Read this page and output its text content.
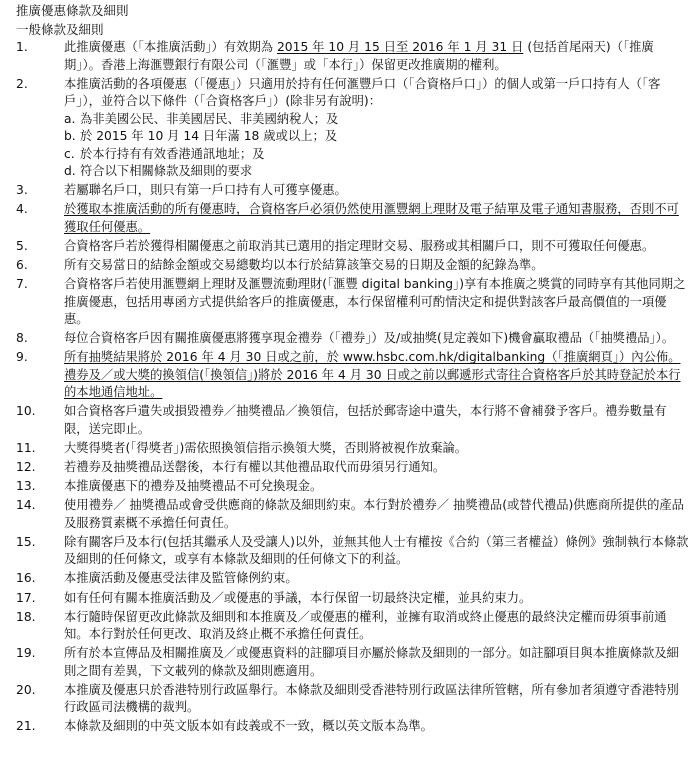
推廣優惠條款及細則
一般條款及細則
1.	此推廣優惠（「本推廣活動」）有效期為 2015 年 10 月 15 日至 2016 年 1 月 31 日 (包括首尾兩天)（「推廣期」）。香港上海滙豐銀行有限公司（「滙豐」或「本行」）保留更改推廣期的權利。
2.	本推廣活動的各項優惠（「優惠」）只適用於持有任何滙豐戶口（「合資格戶口」）的個人或第一戶口持有人（「客戶」），並符合以下條件（「合資格客戶」）(除非另有說明)：
a. 為非美國公民、非美國居民、非美國納稅人；及
b. 於 2015 年 10 月 14 日年滿 18 歲或以上；及
c. 於本行持有有效香港通訊地址；及
d. 符合以下相關條款及細則的要求
3.	若屬聯名戶口，則只有第一戶口持有人可獲享優惠。
4.	於獲取本推廣活動的所有優惠時，合資格客戶必須仍然使用滙豐網上理財及電子結單及電子通知書服務，否則不可獲取任何優惠。
5.	合資格客戶若於獲得相關優惠之前取消其已選用的指定理財交易、服務或其相關戶口，則不可獲取任何優惠。
6.	所有交易當日的結餘金額或交易總數均以本行於結算該筆交易的日期及金額的紀錄為準。
7.	合資格客戶若使用滙豐網上理財及滙豐流動理財(「滙豐 digital banking」)享有本推廣之獎賞的同時享有其他同期之推廣優惠，包括用專函方式提供給客戶的推廣優惠，本行保留權利可酌情決定和提供對該客戶最高價值的一項優惠。
8.	每位合資格客戶因有關推廣優惠將獲享現金禮券（「禮券」）及/或抽獎(見定義如下)機會贏取禮品（「抽獎禮品」）。
9.	所有抽獎結果將於 2016 年 4 月 30 日或之前，於 www.hsbc.com.hk/digitalbanking（「推廣網頁」）內公佈。禮券及／或大獎的換領信(「換領信」)將於 2016 年 4 月 30 日或之前以郵遞形式寄往合資格客戶於其時登記於本行的本地通信地址。
10.	如合資格客戶遺失或損毀禮券／抽獎禮品／換領信，包括於郵寄途中遺失，本行將不會補發予客戶。禮券數量有限，送完即止。
11.	大獎得獎者(「得獎者」)需依照換領信指示換領大獎，否則將被視作放棄論。
12.	若禮券及抽獎禮品送罄後，本行有權以其他禮品取代而毋須另行通知。
13.	本推廣優惠下的禮券及抽獎禮品不可兌換現金。
14.	使用禮券／ 抽獎禮品或會受供應商的條款及細則約束。本行對於禮券／ 抽獎禮品(或替代禮品)供應商所提供的產品及服務質素概不承擔任何責任。
15.	除有關客戶及本行(包括其繼承人及受讓人)以外，並無其他人士有權按《合約（第三者權益）條例》強制執行本條款及細則的任何條文，或享有本條款及細則的任何條文下的利益。
16.	本推廣活動及優惠受法律及監管條例約束。
17.	如有任何有關本推廣活動及／或優惠的爭議，本行保留一切最終決定權，並具約束力。
18.	本行隨時保留更改此條款及細則和本推廣及／或優惠的權利，並擁有取消或終止優惠的最終決定權而毋須事前通知。本行對於任何更改、取消及終止概不承擔任何責任。
19.	所有於本宣傳品及相關推廣及／或優惠資料的註腳項目亦屬於條款及細則的一部分。如註腳項目與本推廣條款及細則之間有差異，下文載列的條款及細則應適用。
20.	本推廣及優惠只於香港特別行政區舉行。本條款及細則受香港特別行政區法律所管轄，所有參加者須遵守香港特別行政區司法機構的裁判。
21.	本條款及細則的中英文版本如有歧義或不一致，概以英文版本為準。
